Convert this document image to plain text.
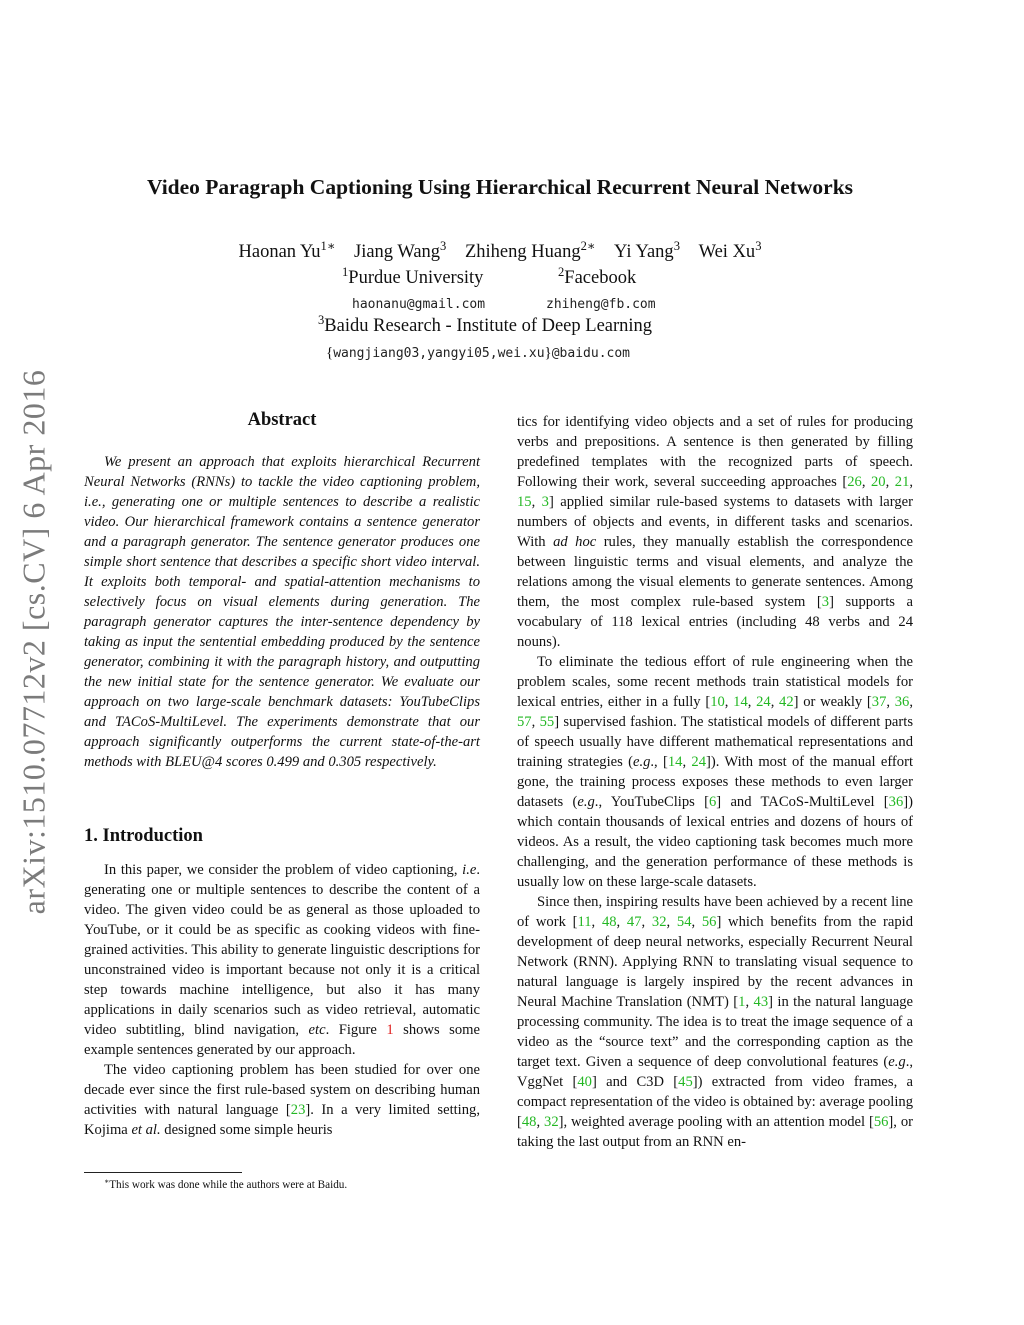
arXiv:1510.07712v2 [cs.CV] 6 Apr 2016
Video Paragraph Captioning Using Hierarchical Recurrent Neural Networks
Haonan $Yu^{1∗}$ Jiang Wang$^3$ Zhiheng Huang$^{2∗}$ Yi Yang$^3$ Wei Xu$^3$
$^1$Purdue University	$^2$Facebook
haonanu@gmail.com	zhiheng@fb.com
$^3$Baidu Research - Institute of Deep Learning
{wangjiang03,yangyi05,wei.xu}@baidu.com
Abstract

We present an approach that exploits hierarchical Recurrent Neural Networks (RNNs) to tackle the video captioning problem, i.e., generating one or multiple sentences to describe a realistic video. Our hierarchical framework contains a sentence generator and a paragraph generator. The sentence generator produces one simple short sentence that describes a specific short video interval. It exploits both temporal- and spatial-attention mechanisms to selectively focus on visual elements during generation. The paragraph generator captures the inter-sentence dependency by taking as input the sentential embedding produced by the sentence generator, combining it with the paragraph history, and outputting the new initial state for the sentence generator. We evaluate our approach on two large-scale benchmark datasets: YouTubeClips and TACoS-MultiLevel. The experiments demonstrate that our approach significantly outperforms the current state-of-the-art methods with BLEU@4 scores 0.499 and 0.305 respectively.

1. Introduction

In this paper, we consider the problem of video captioning, i.e. generating one or multiple sentences to describe the content of a video. The given video could be as general as those uploaded to YouTube, or it could be as specific as cooking videos with fine-grained activities. This ability to generate linguistic descriptions for unconstrained video is important because not only it is a critical step towards machine intelligence, but also it has many applications in daily scenarios such as video retrieval, automatic video subtitling, blind navigation, etc. Figure 1 shows some example sentences generated by our approach.

The video captioning problem has been studied for over one decade ever since the first rule-based system on describing human activities with natural language [23]. In a very limited setting, Kojima et al. designed some simple heuris

tics for identifying video objects and a set of rules for producing verbs and prepositions. A sentence is then generated by filling predefined templates with the recognized parts of speech. Following their work, several succeeding approaches [26, 20, 21, 15, 3] applied similar rule-based systems to datasets with larger numbers of objects and events, in different tasks and scenarios. With ad hoc rules, they manually establish the correspondence between linguistic terms and visual elements, and analyze the relations among the visual elements to generate sentences. Among them, the most complex rule-based system [3] supports a vocabulary of 118 lexical entries (including 48 verbs and 24 nouns).

To eliminate the tedious effort of rule engineering when the problem scales, some recent methods train statistical models for lexical entries, either in a fully [10, 14, 24, 42] or weakly [37, 36, 57, 55] supervised fashion. The statistical models of different parts of speech usually have different mathematical representations and training strategies (e.g., [14, 24]). With most of the manual effort gone, the training process exposes these methods to even larger datasets (e.g., YouTubeClips [6] and TACoS-MultiLevel [36]) which contain thousands of lexical entries and dozens of hours of videos. As a result, the video captioning task becomes much more challenging, and the generation performance of these methods is usually low on these large-scale datasets.

Since then, inspiring results have been achieved by a recent line of work [11, 48, 47, 32, 54, 56] which benefits from the rapid development of deep neural networks, especially Recurrent Neural Network (RNN). Applying RNN to translating visual sequence to natural language is largely inspired by the recent advances in Neural Machine Translation (NMT) [1, 43] in the natural language processing community. The idea is to treat the image sequence of a video as the “source text” and the corresponding caption as the target text. Given a sequence of deep convolutional features (e.g., VggNet [40] and C3D [45]) extracted from video frames, a compact representation of the video is obtained by: average pooling [48, 32], weighted average pooling with an attention model [56], or taking the last output from an RNN en-

∗This work was done while the authors were at Baidu.
